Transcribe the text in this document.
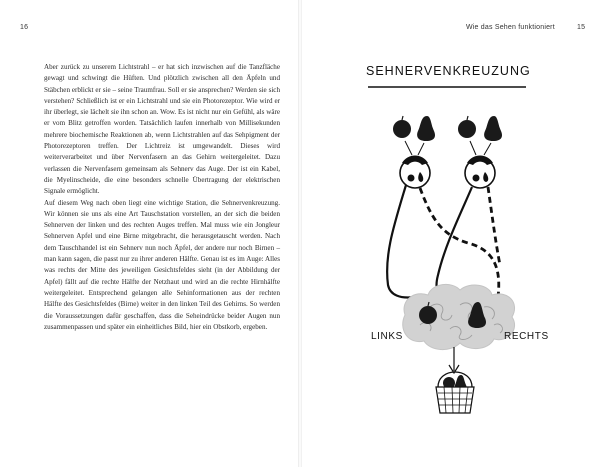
16

Aber zurück zu unserem Lichtstrahl – er hat sich inzwischen auf die Tanzfläche gewagt und schwingt die Hüften. Und plötzlich zwischen all den Äpfeln und Stäbchen erblickt er sie – seine Traumfrau. Soll er sie ansprechen? Werden sie sich verstehen? Schließlich ist er ein Lichtstrahl und sie ein Photorezeptor. Wie wird er ihr überlegt, sie lächelt sie ihn schon an. Wow. Es ist nicht nur ein Gefühl, als wäre er vom Blitz getroffen worden. Tatsächlich laufen innerhalb von Millisekunden mehrere biochemische Reaktionen ab, wenn Lichtstrahlen auf das Sehpigment der Photorezeptoren treffen. Der Lichtreiz ist umgewandelt. Dieses wird weiterverarbeitet und über Nervenfasern an das Gehirn weitergeleitet. Dazu verlassen die Nervenfasern gemeinsam als Sehnerv das Auge. Der ist ein Kabel, die Myelinscheide, die eine besonders schnelle Übertragung der elektrischen Signale ermöglicht.

Auf diesem Weg nach oben liegt eine wichtige Station, die Sehnervenkreuzung. Wir können sie uns als eine Art Tauschstation vorstellen, an der sich die beiden Sehnerven der linken und des rechten Auges treffen. Mal muss wie ein Jongleur Sehnerven Apfel und eine Birne mitgebracht, die herausgetauscht werden. Nach dem Tauschhandel ist ein Sehnerv nun noch Äpfel, der andere nur noch Birnen – man kann sagen, die passt nur zu ihrer anderen Hälfte. Genau ist es im Auge: Alles was rechts der Mitte des jeweiligen Gesichtsfeldes sieht (in der Abbildung der Apfel) fällt auf die rechte Hälfte der Netzhaut und wird an die rechte Hirnhälfte weitergeleitet. Entsprechend gelangen alle Sehinformationen aus der rechten Hälfte des Gesichtsfeldes (Birne) weiter in den linken Teil des Gehirns. So werden die Voraussetzungen dafür geschaffen, dass die Seheindrücke beider Augen nun zusammenpassen und später ein einheitliches Bild, hier ein Obstkorb, ergeben.

Wie das Sehen funktioniert	15
SEHNERVENKREUZUNG
LINKS	RECHTS
